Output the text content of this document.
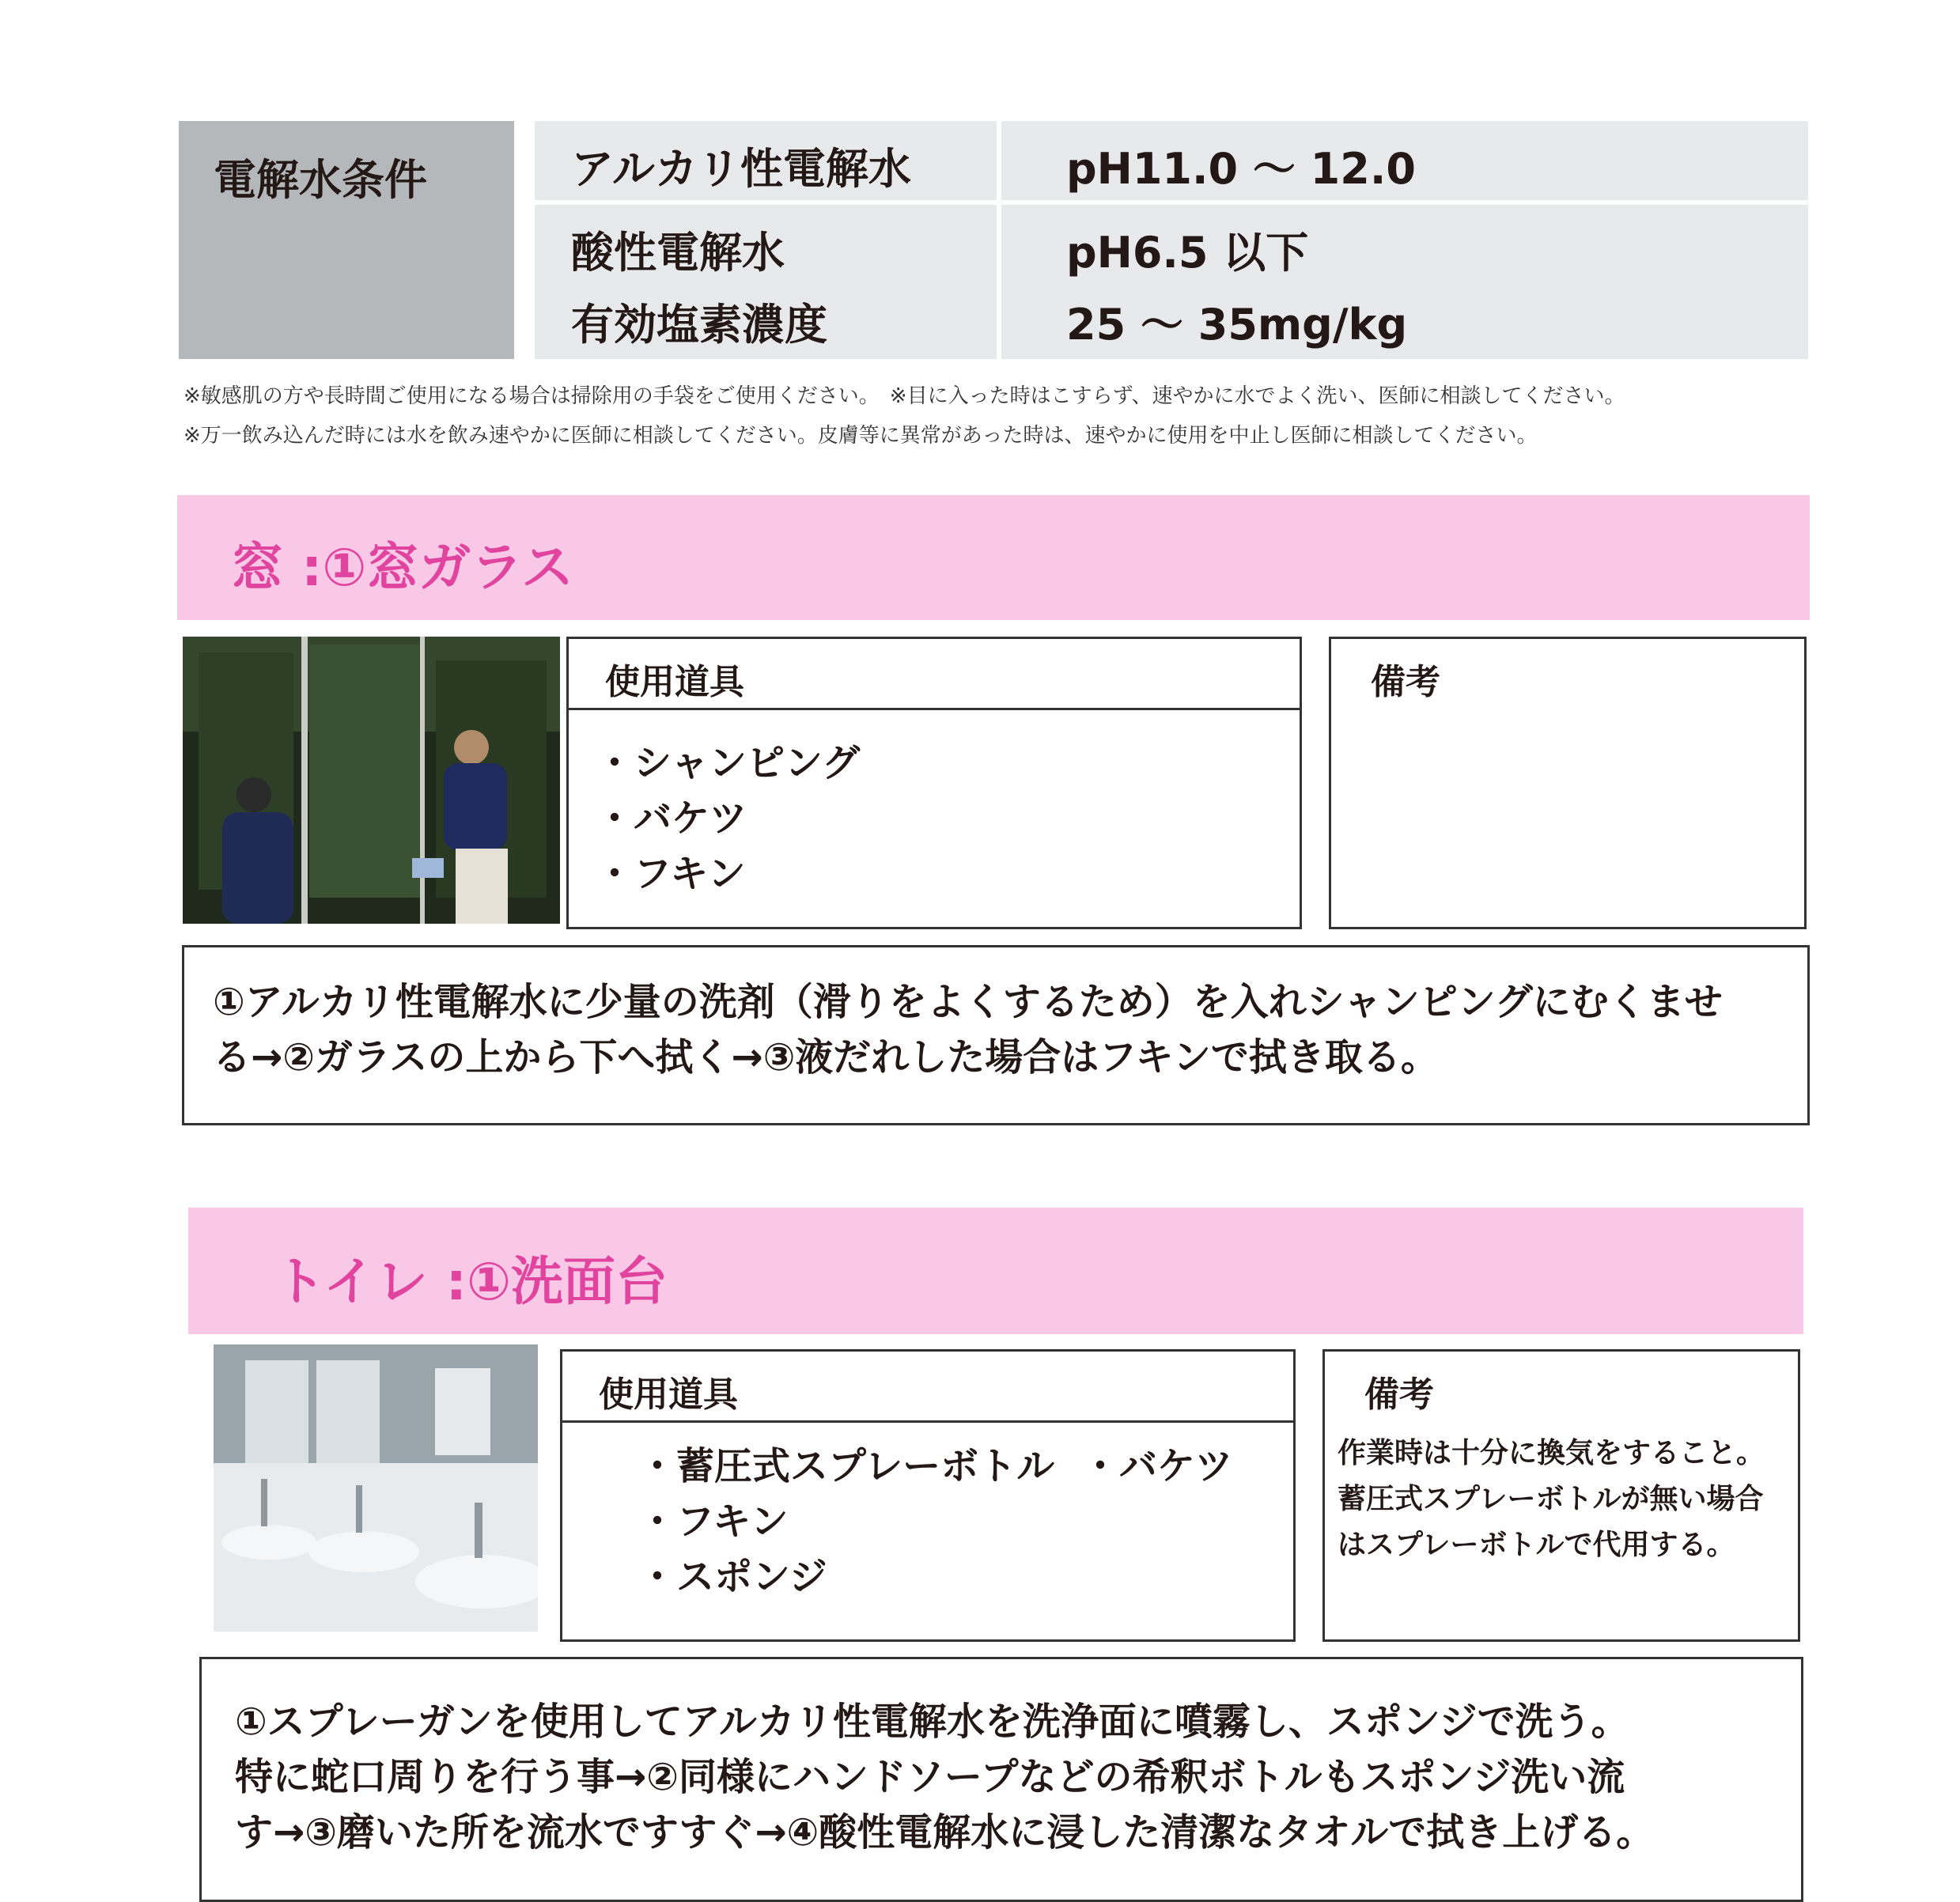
電解水条件	アルカリ性電解水	pH11.0 〜 12.0
酸性電解水	pH6.5 以下
有効塩素濃度	25 〜 35mg/kg
※敏感肌の方や長時間ご使用になる場合は掃除用の手袋をご使用ください。　※目に入った時はこすらず、速やかに水でよく洗い、医師に相談してください。
※万一飲み込んだ時には水を飲み速やかに医師に相談してください。皮膚等に異常があった時は、速やかに使用を中止し医師に相談してください。
窓 :①窓ガラス
使用道具
・シャンピング
・バケツ
・フキン
備考
①アルカリ性電解水に少量の洗剤（滑りをよくするため）を入れシャンピングにむくませ
る→②ガラスの上から下へ拭く→③液だれした場合はフキンで拭き取る。
トイレ :①洗面台
使用道具
・蓄圧式スプレーボトル ・バケツ
・フキン
・スポンジ
備考
作業時は十分に換気をすること。
蓄圧式スプレーボトルが無い場合
はスプレーボトルで代用する。
①スプレーガンを使用してアルカリ性電解水を洗浄面に噴霧し、スポンジで洗う。
特に蛇口周りを行う事→②同様にハンドソープなどの希釈ボトルもスポンジ洗い流
す→③磨いた所を流水ですすぐ→④酸性電解水に浸した清潔なタオルで拭き上げる。
